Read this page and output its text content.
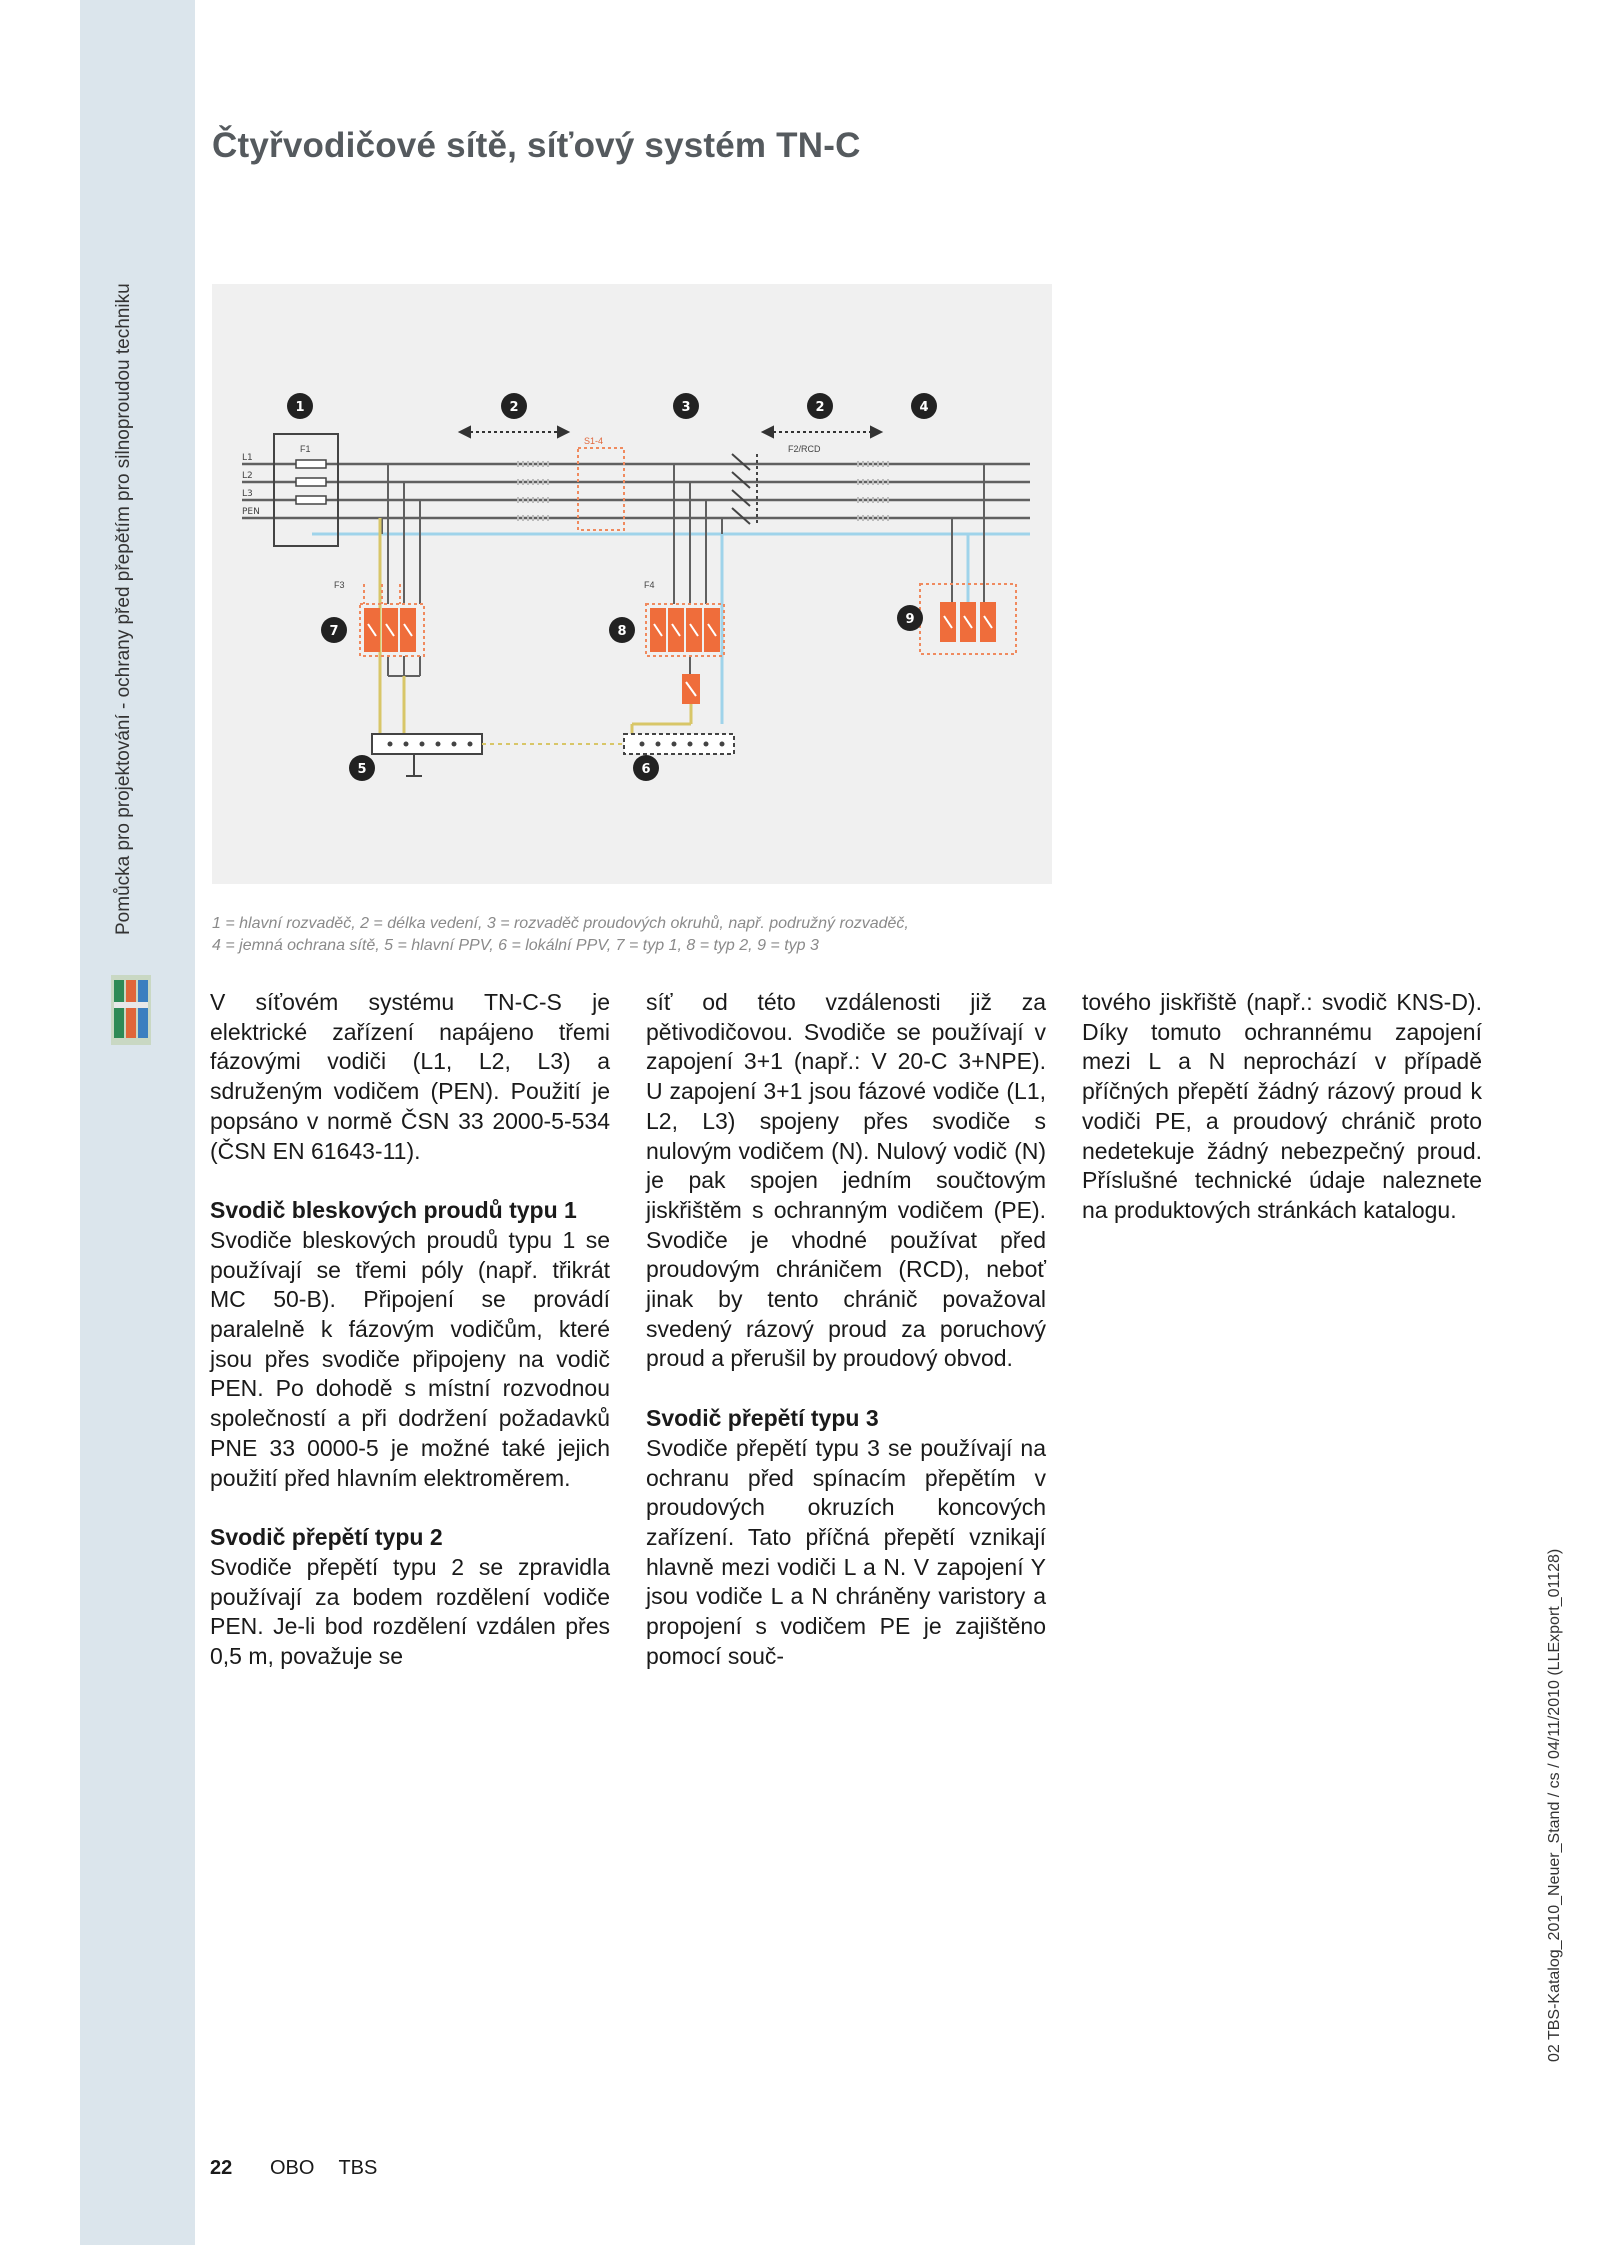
Pomůcka pro projektování - ochrany před přepětím pro silnoproudou techniku
Čtyřvodičové sítě, síťový systém TN-C
L1
L2
L3
PEN
F1
S1-4
F2/RCD
F3	F4
1	2	3	2	4
7	8
9
5	6
1 = hlavní rozvaděč, 2 = délka vedení, 3 = rozvaděč proudových okruhů, např. podružný rozvaděč,
4 = jemná ochrana sítě, 5 = hlavní PPV, 6 = lokální PPV, 7 = typ 1, 8 = typ 2, 9 = typ 3

V síťovém systému TN-C-S je elektrické zařízení napájeno třemi fázovými vodiči (L1, L2, L3) a sdruženým vodičem (PEN). Použití je popsáno v normě ČSN 33 2000-5-534 (ČSN EN 61643-11).

Svodič bleskových proudů typu 1

Svodiče bleskových proudů typu 1 se používají se třemi póly (např. třikrát MC 50-B). Připojení se provádí paralelně k fázovým vodičům, které jsou přes svodiče připojeny na vodič PEN. Po dohodě s místní rozvodnou společností a při dodržení požadavků PNE 33 0000-5 je možné také jejich použití před hlavním elektroměrem.

Svodič přepětí typu 2

Svodiče přepětí typu 2 se zpravidla používají za bodem rozdělení vodiče PEN. Je-li bod rozdělení vzdálen přes 0,5 m, považuje se

síť od této vzdálenosti již za pětivodičovou. Svodiče se používají v zapojení 3+1 (např.: V 20-C 3+NPE). U zapojení 3+1 jsou fázové vodiče (L1, L2, L3) spojeny přes svodiče s nulovým vodičem (N). Nulový vodič (N) je pak spojen jedním součtovým jiskřištěm s ochranným vodičem (PE). Svodiče je vhodné používat před proudovým chráničem (RCD), neboť jinak by tento chránič považoval svedený rázový proud za poruchový proud a přerušil by proudový obvod.

Svodič přepětí typu 3

Svodiče přepětí typu 3 se používají na ochranu před spínacím přepětím v proudových okruzích koncových zařízení. Tato příčná přepětí vznikají hlavně mezi vodiči L a N. V zapojení Y jsou vodiče L a N chráněny varistory a propojení s vodičem PE je zajištěno pomocí souč-

tového jiskřiště (např.: svodič KNS-D). Díky tomuto ochrannému zapojení mezi L a N neprochází v případě příčných přepětí žádný rázový proud k vodiči PE, a proudový chránič proto nedetekuje žádný nebezpečný proud. Příslušné technické údaje naleznete na produktových stránkách katalogu.

22 OBO TBS
02 TBS-Katalog_2010_Neuer_Stand / cs / 04/11/2010 (LLExport_01128)
